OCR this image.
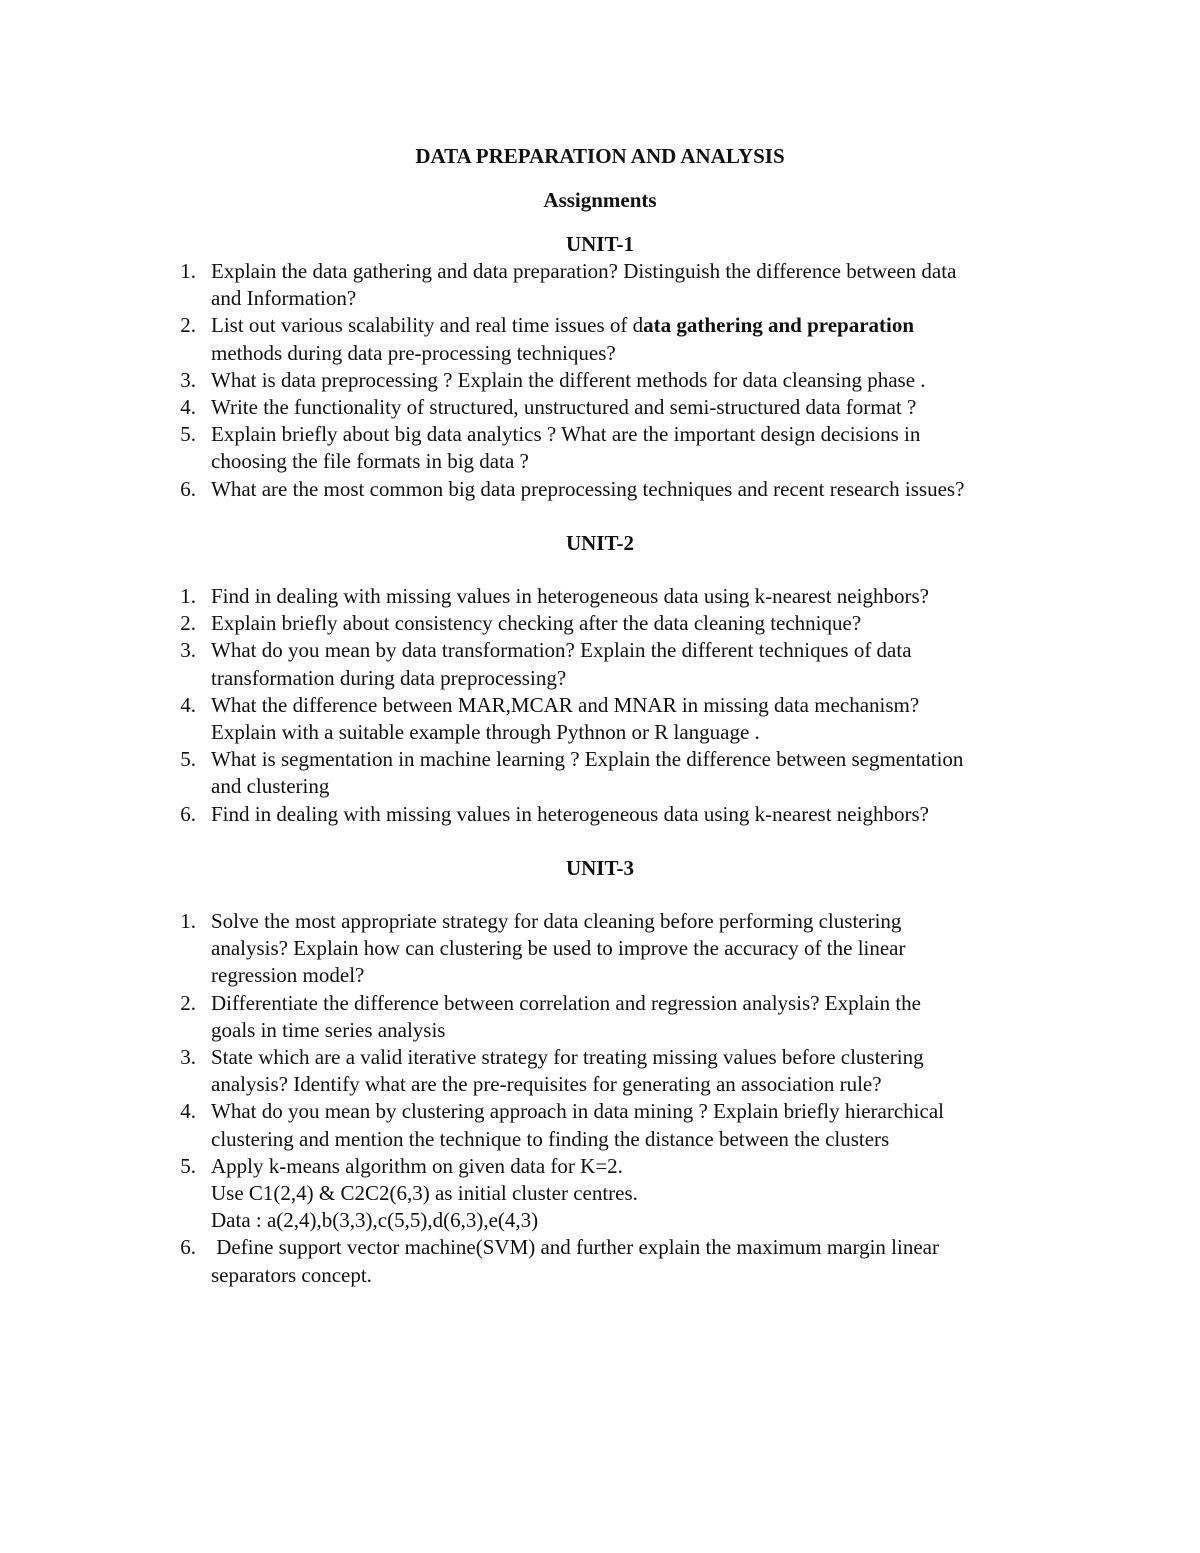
DATA PREPARATION AND ANALYSIS
Assignments
UNIT-1
1. Explain the data gathering and data preparation? Distinguish the difference between data
and Information?
2. List out various scalability and real time issues of data gathering and preparation
methods during data pre-processing techniques?
3. What is data preprocessing ? Explain the different methods for data cleansing phase .
4. Write the functionality of structured, unstructured and semi-structured data format ?
5. Explain briefly about big data analytics ? What are the important design decisions in
choosing the file formats in big data ?
6. What are the most common big data preprocessing techniques and recent research issues?
UNIT-2
1. Find in dealing with missing values in heterogeneous data using k-nearest neighbors?
2. Explain briefly about consistency checking after the data cleaning technique?
3. What do you mean by data transformation? Explain the different techniques of data
transformation during data preprocessing?
4. What the difference between MAR,MCAR and MNAR in missing data mechanism?
Explain with a suitable example through Pythnon or R language .
5. What is segmentation in machine learning ? Explain the difference between segmentation
and clustering
6. Find in dealing with missing values in heterogeneous data using k-nearest neighbors?
UNIT-3
1. Solve the most appropriate strategy for data cleaning before performing clustering
analysis? Explain how can clustering be used to improve the accuracy of the linear
regression model?
2. Differentiate the difference between correlation and regression analysis? Explain the
goals in time series analysis
3. State which are a valid iterative strategy for treating missing values before clustering
analysis? Identify what are the pre-requisites for generating an association rule?
4. What do you mean by clustering approach in data mining ? Explain briefly hierarchical
clustering and mention the technique to finding the distance between the clusters
5. Apply k-means algorithm on given data for K=2.
Use C1(2,4) & C2C2(6,3) as initial cluster centres.
Data : a(2,4),b(3,3),c(5,5),d(6,3),e(4,3)
6. Define support vector machine(SVM) and further explain the maximum margin linear
separators concept.
